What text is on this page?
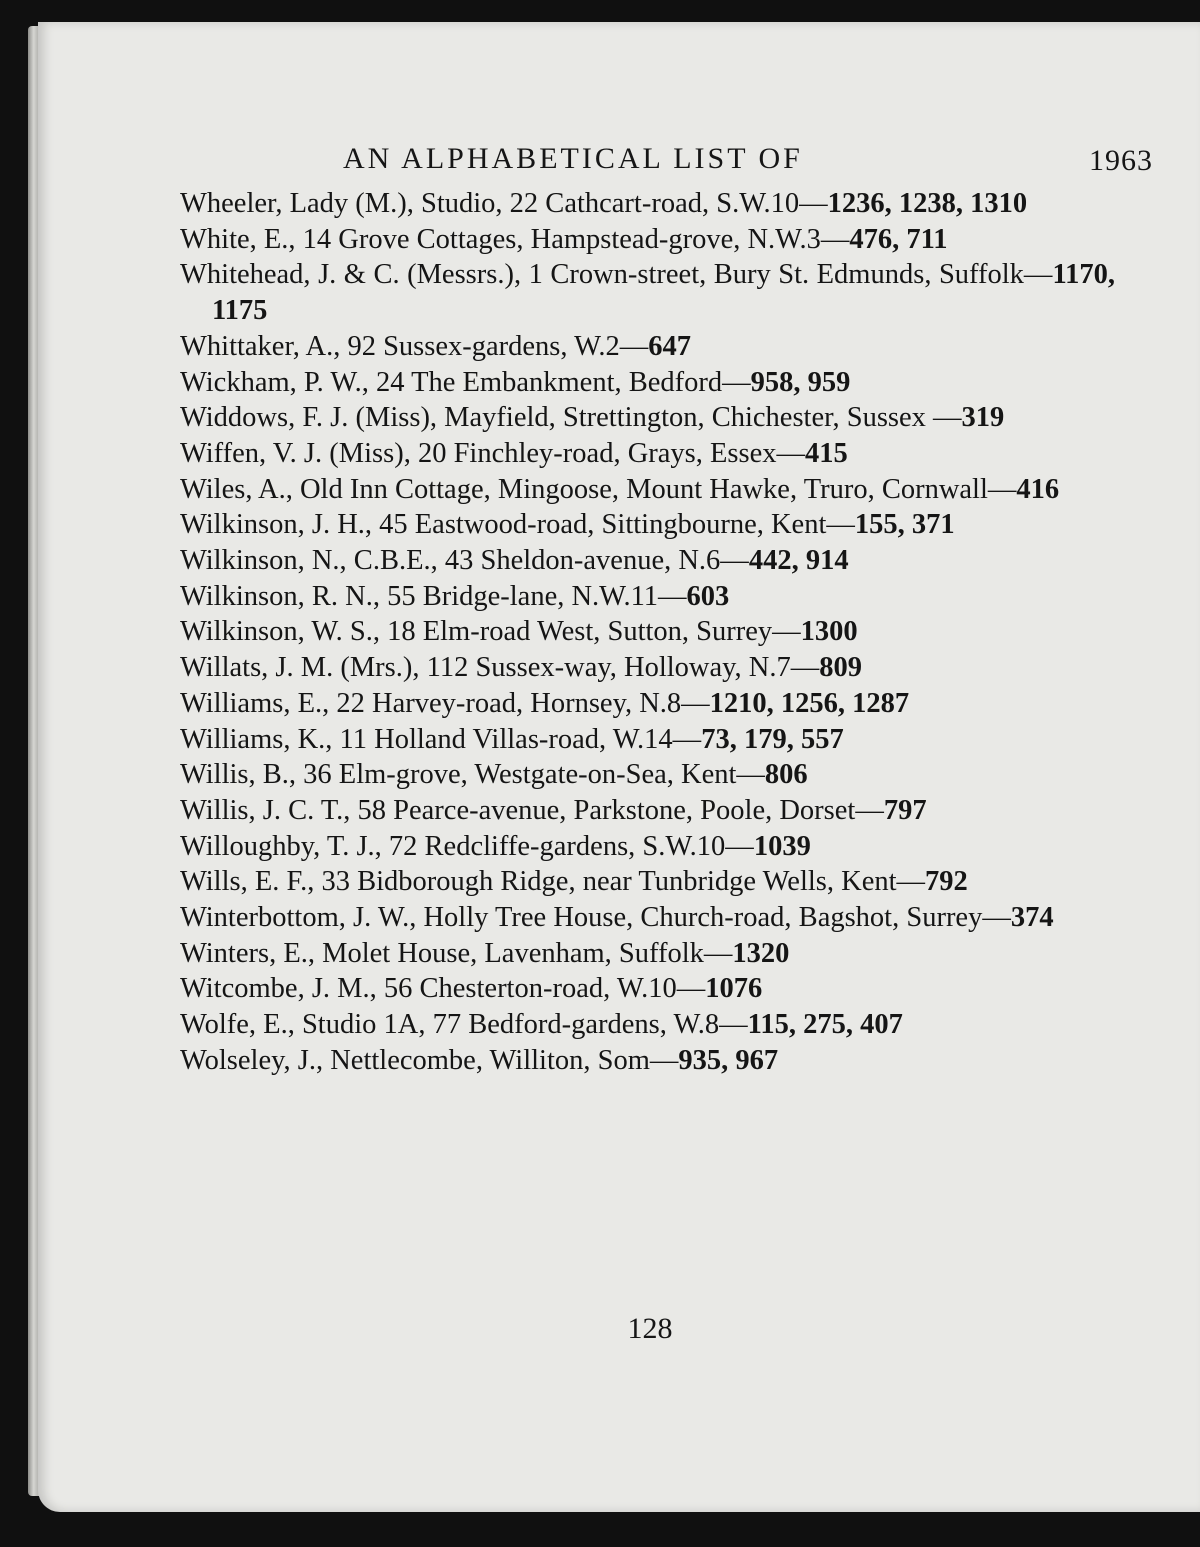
AN ALPHABETICAL LIST OF	1963
Wheeler, Lady (M.), Studio, 22 Cathcart-road, S.W.10—1236, 1238, 1310
White, E., 14 Grove Cottages, Hampstead-grove, N.W.3—476, 711
Whitehead, J. & C. (Messrs.), 1 Crown-street, Bury St. Edmunds, Suffolk—1170, 1175
Whittaker, A., 92 Sussex-gardens, W.2—647
Wickham, P. W., 24 The Embankment, Bedford—958, 959
Widdows, F. J. (Miss), Mayfield, Strettington, Chichester, Sussex —319
Wiffen, V. J. (Miss), 20 Finchley-road, Grays, Essex—415
Wiles, A., Old Inn Cottage, Mingoose, Mount Hawke, Truro, Cornwall—416
Wilkinson, J. H., 45 Eastwood-road, Sittingbourne, Kent—155, 371
Wilkinson, N., C.B.E., 43 Sheldon-avenue, N.6—442, 914
Wilkinson, R. N., 55 Bridge-lane, N.W.11—603
Wilkinson, W. S., 18 Elm-road West, Sutton, Surrey—1300
Willats, J. M. (Mrs.), 112 Sussex-way, Holloway, N.7—809
Williams, E., 22 Harvey-road, Hornsey, N.8—1210, 1256, 1287
Williams, K., 11 Holland Villas-road, W.14—73, 179, 557
Willis, B., 36 Elm-grove, Westgate-on-Sea, Kent—806
Willis, J. C. T., 58 Pearce-avenue, Parkstone, Poole, Dorset—797
Willoughby, T. J., 72 Redcliffe-gardens, S.W.10—1039
Wills, E. F., 33 Bidborough Ridge, near Tunbridge Wells, Kent—792
Winterbottom, J. W., Holly Tree House, Church-road, Bagshot, Surrey—374
Winters, E., Molet House, Lavenham, Suffolk—1320
Witcombe, J. M., 56 Chesterton-road, W.10—1076
Wolfe, E., Studio 1A, 77 Bedford-gardens, W.8—115, 275, 407
Wolseley, J., Nettlecombe, Williton, Som—935, 967
128
